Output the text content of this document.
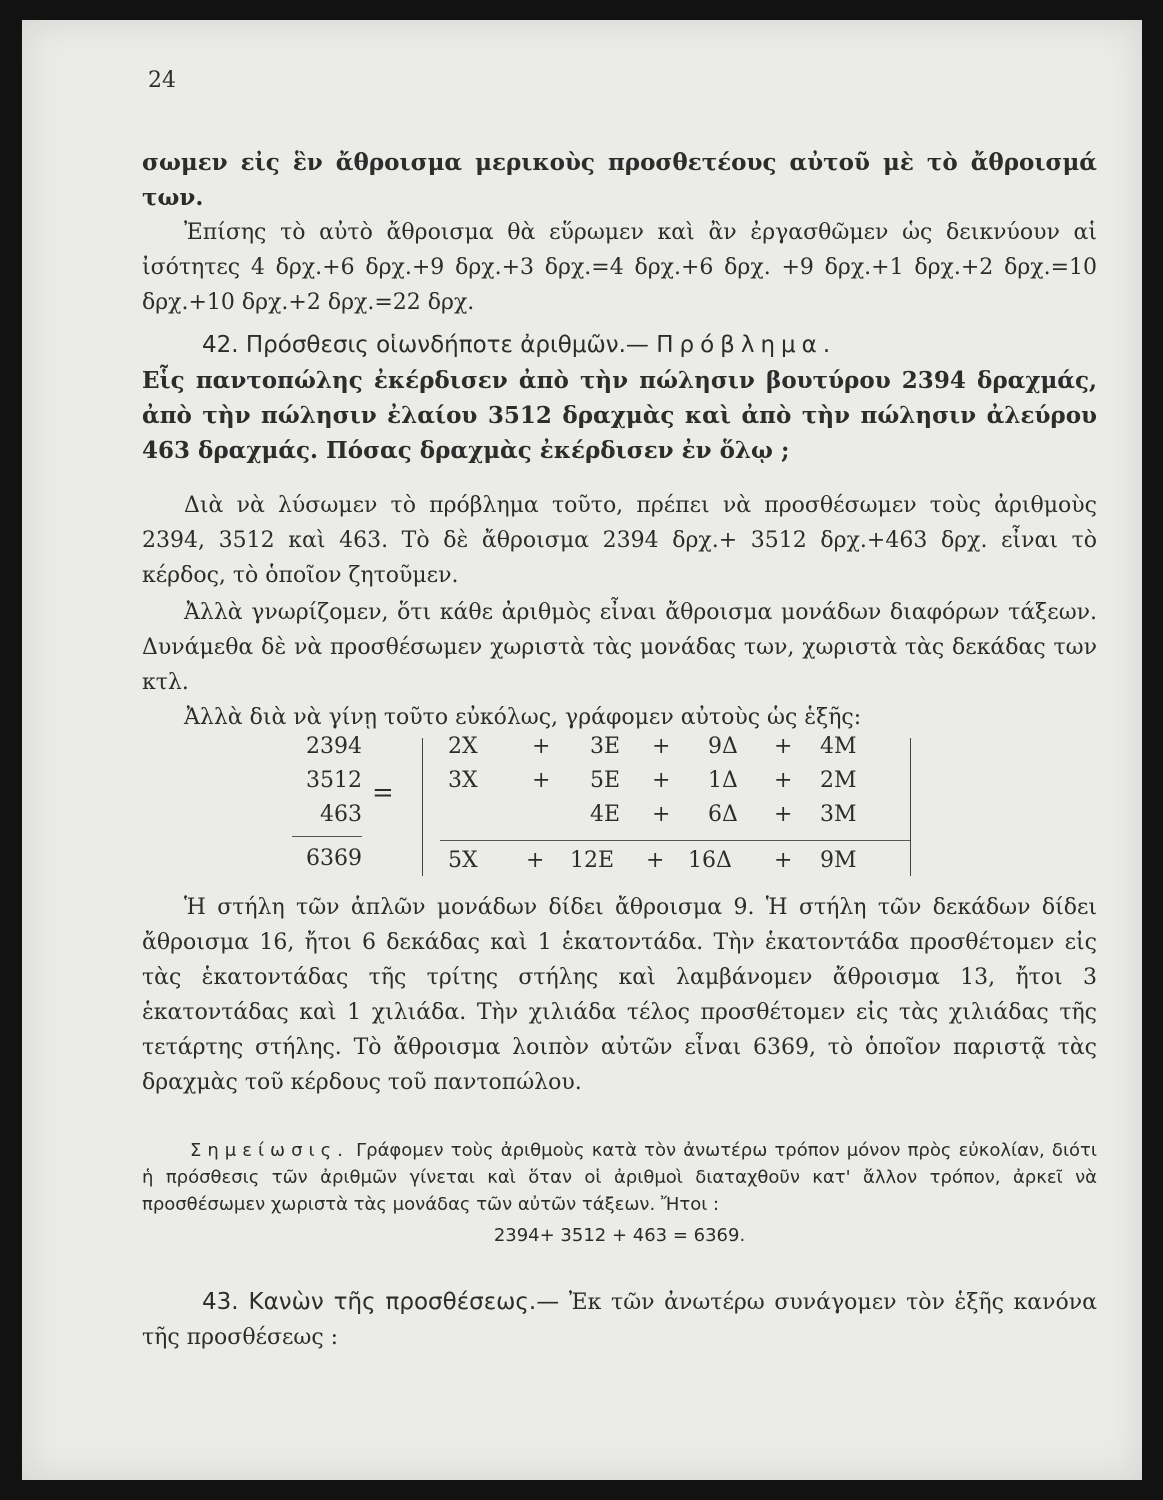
24

σωμεν εἰς ἓν ἄθροισμα μερικοὺς προσθετέους αὐτοῦ μὲ τὸ ἄθροισμά των.

Ἐπίσης τὸ αὐτὸ ἄθροισμα θὰ εὕρωμεν καὶ ἂν ἐργασθῶμεν ὡς δεικνύουν αἱ ἰσότητες 4 δρχ.+6 δρχ.+9 δρχ.+3 δρχ.=4 δρχ.+6 δρχ. +9 δρχ.+1 δρχ.+2 δρχ.=10 δρχ.+10 δρχ.+2 δρχ.=22 δρχ.

42. Πρόσθεσις οἱωνδήποτε ἀριθμῶν.— Πρόβλημα.

Εἷς παντοπώλης ἐκέρδισεν ἀπὸ τὴν πώλησιν βουτύρου 2394 δραχμάς, ἀπὸ τὴν πώλησιν ἐλαίου 3512 δραχμὰς καὶ ἀπὸ τὴν πώλησιν ἀλεύρου 463 δραχμάς. Πόσας δραχμὰς ἐκέρδισεν ἐν ὅλῳ ;

Διὰ νὰ λύσωμεν τὸ πρόβλημα τοῦτο, πρέπει νὰ προσθέσωμεν τοὺς ἀριθμοὺς 2394, 3512 καὶ 463. Τὸ δὲ ἄθροισμα 2394 δρχ.+ 3512 δρχ.+463 δρχ. εἶναι τὸ κέρδος, τὸ ὁποῖον ζητοῦμεν.

Ἀλλὰ γνωρίζομεν, ὅτι κάθε ἀριθμὸς εἶναι ἄθροισμα μονάδων διαφόρων τάξεων. Δυνάμεθα δὲ νὰ προσθέσωμεν χωριστὰ τὰς μονάδας των, χωριστὰ τὰς δεκάδας των κτλ.

Ἀλλὰ διὰ νὰ γίνῃ τοῦτο εὐκόλως, γράφομεν αὐτοὺς ὡς ἑξῆς:

2394
3512
463
6369
=
2Χ + 3Ε + 9Δ + 4Μ
3Χ + 5Ε + 1Δ + 2Μ
4Ε + 6Δ + 3Μ
5Χ + 12Ε + 16Δ + 9Μ

Ἡ στήλη τῶν ἁπλῶν μονάδων δίδει ἄθροισμα 9. Ἡ στήλη τῶν δεκάδων δίδει ἄθροισμα 16, ἤτοι 6 δεκάδας καὶ 1 ἑκατοντάδα. Τὴν ἑκατοντάδα προσθέτομεν εἰς τὰς ἑκατοντάδας τῆς τρίτης στήλης καὶ λαμβάνομεν ἄθροισμα 13, ἤτοι 3 ἑκατοντάδας καὶ 1 χιλιάδα. Τὴν χιλιάδα τέλος προσθέτομεν εἰς τὰς χιλιάδας τῆς τετάρτης στήλης. Τὸ ἄθροισμα λοιπὸν αὐτῶν εἶναι 6369, τὸ ὁποῖον παριστᾷ τὰς δραχμὰς τοῦ κέρδους τοῦ παντοπώλου.

Σημείωσις. Γράφομεν τοὺς ἀριθμοὺς κατὰ τὸν ἀνωτέρω τρόπον μόνον πρὸς εὐκολίαν, διότι ἡ πρόσθεσις τῶν ἀριθμῶν γίνεται καὶ ὅταν οἱ ἀριθμοὶ διαταχθοῦν κατ' ἄλλον τρόπον, ἀρκεῖ νὰ προσθέσωμεν χωριστὰ τὰς μονάδας τῶν αὐτῶν τάξεων. Ἤτοι :

2394+ 3512 + 463 = 6369.

43. Κανὼν τῆς προσθέσεως.— Ἐκ τῶν ἀνωτέρω συνάγομεν τὸν ἑξῆς κανόνα τῆς προσθέσεως :
